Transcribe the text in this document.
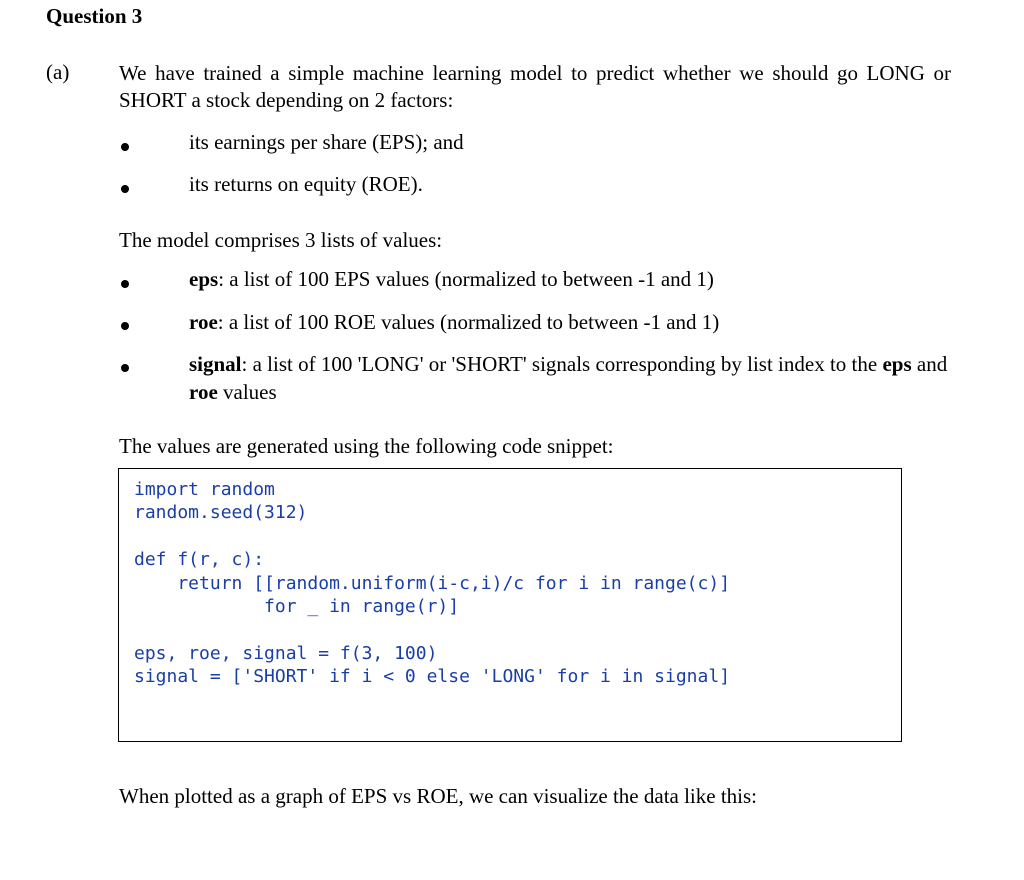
Question 3
(a) We have trained a simple machine learning model to predict whether we should go LONG or SHORT a stock depending on 2 factors:
its earnings per share (EPS); and
its returns on equity (ROE).
The model comprises 3 lists of values:
eps: a list of 100 EPS values (normalized to between -1 and 1)
roe: a list of 100 ROE values (normalized to between -1 and 1)
signal: a list of 100 'LONG' or 'SHORT' signals corresponding by list index to the eps and roe values
The values are generated using the following code snippet:
import random
random.seed(312)

def f(r, c):
return [[random.uniform(i-c,i)/c for i in range(c)]
for _ in range(r)]

eps, roe, signal = f(3, 100)
signal = ['SHORT' if i < 0 else 'LONG' for i in signal]
When plotted as a graph of EPS vs ROE, we can visualize the data like this:
